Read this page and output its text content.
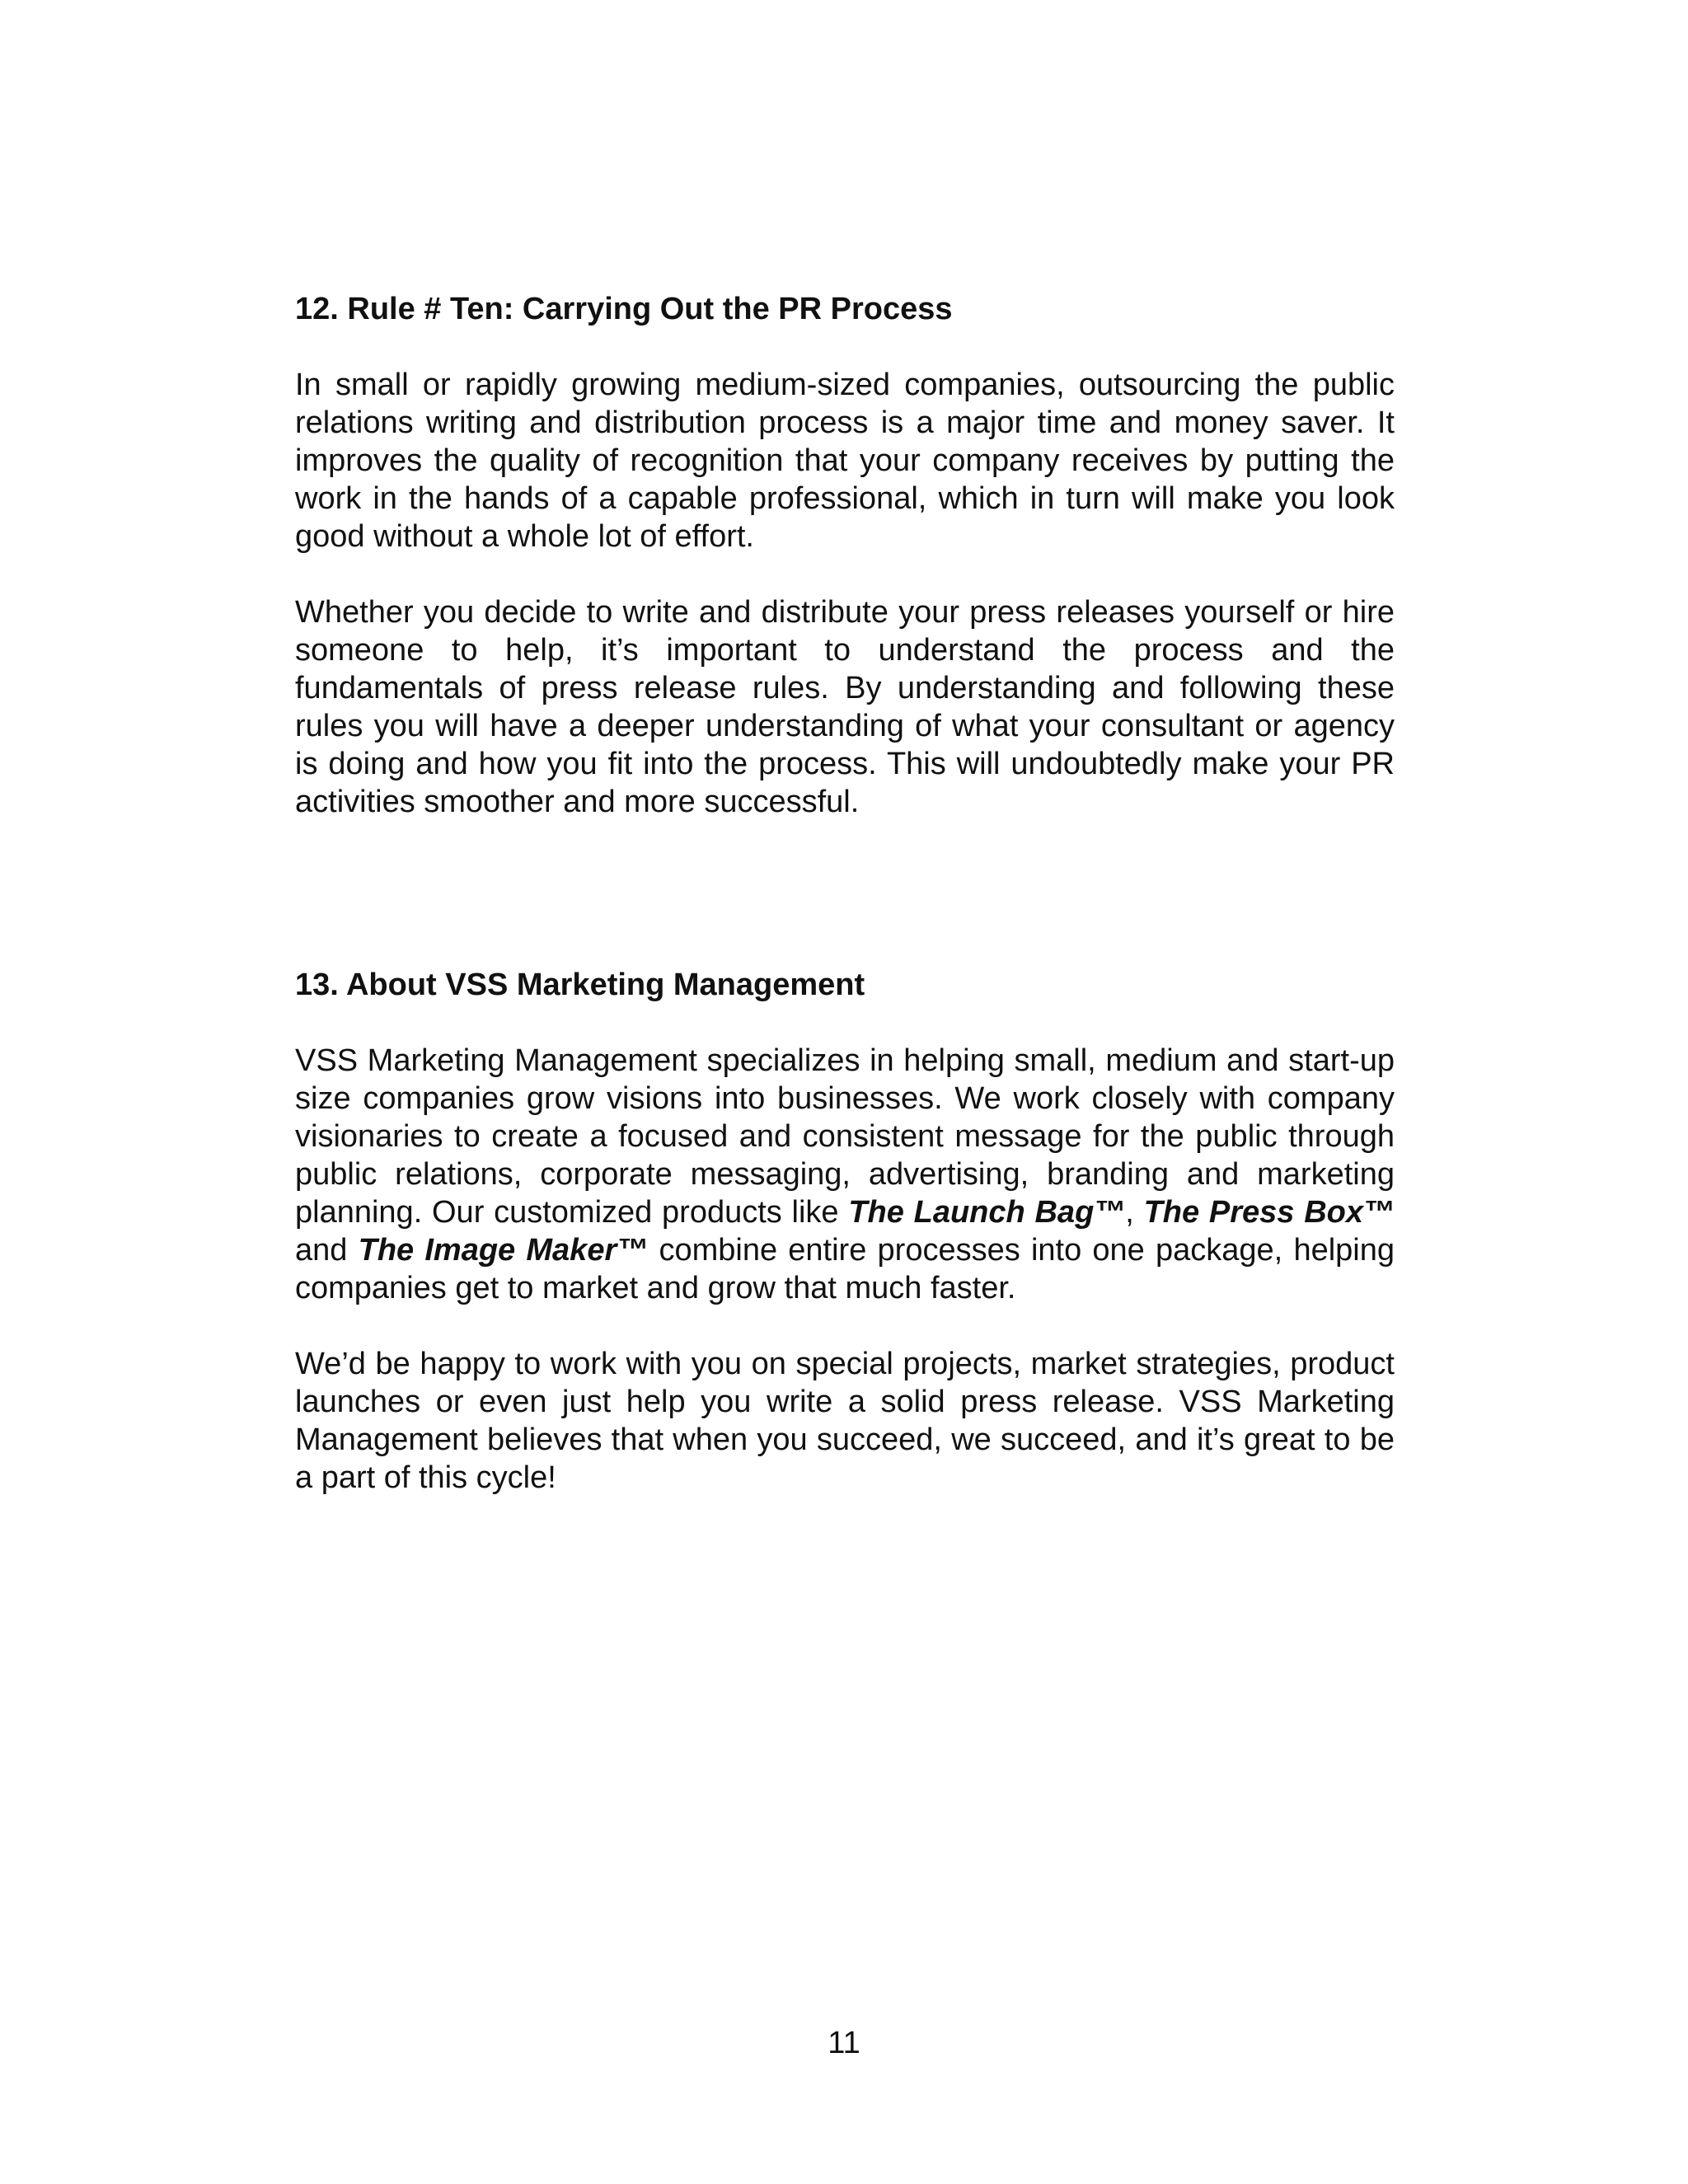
12. Rule # Ten: Carrying Out the PR Process

In small or rapidly growing medium-sized companies, outsourcing the public relations writing and distribution process is a major time and money saver. It improves the quality of recognition that your company receives by putting the work in the hands of a capable professional, which in turn will make you look good without a whole lot of effort.

Whether you decide to write and distribute your press releases yourself or hire someone to help, it’s important to understand the process and the fundamentals of press release rules. By understanding and following these rules you will have a deeper understanding of what your consultant or agency is doing and how you fit into the process. This will undoubtedly make your PR activities smoother and more successful.

13. About VSS Marketing Management

VSS Marketing Management specializes in helping small, medium and start-up size companies grow visions into businesses. We work closely with company visionaries to create a focused and consistent message for the public through public relations, corporate messaging, advertising, branding and marketing planning. Our customized products like The Launch Bag™, The Press Box™ and The Image Maker™ combine entire processes into one package, helping companies get to market and grow that much faster.

We’d be happy to work with you on special projects, market strategies, product launches or even just help you write a solid press release. VSS Marketing Management believes that when you succeed, we succeed, and it’s great to be a part of this cycle!

11
